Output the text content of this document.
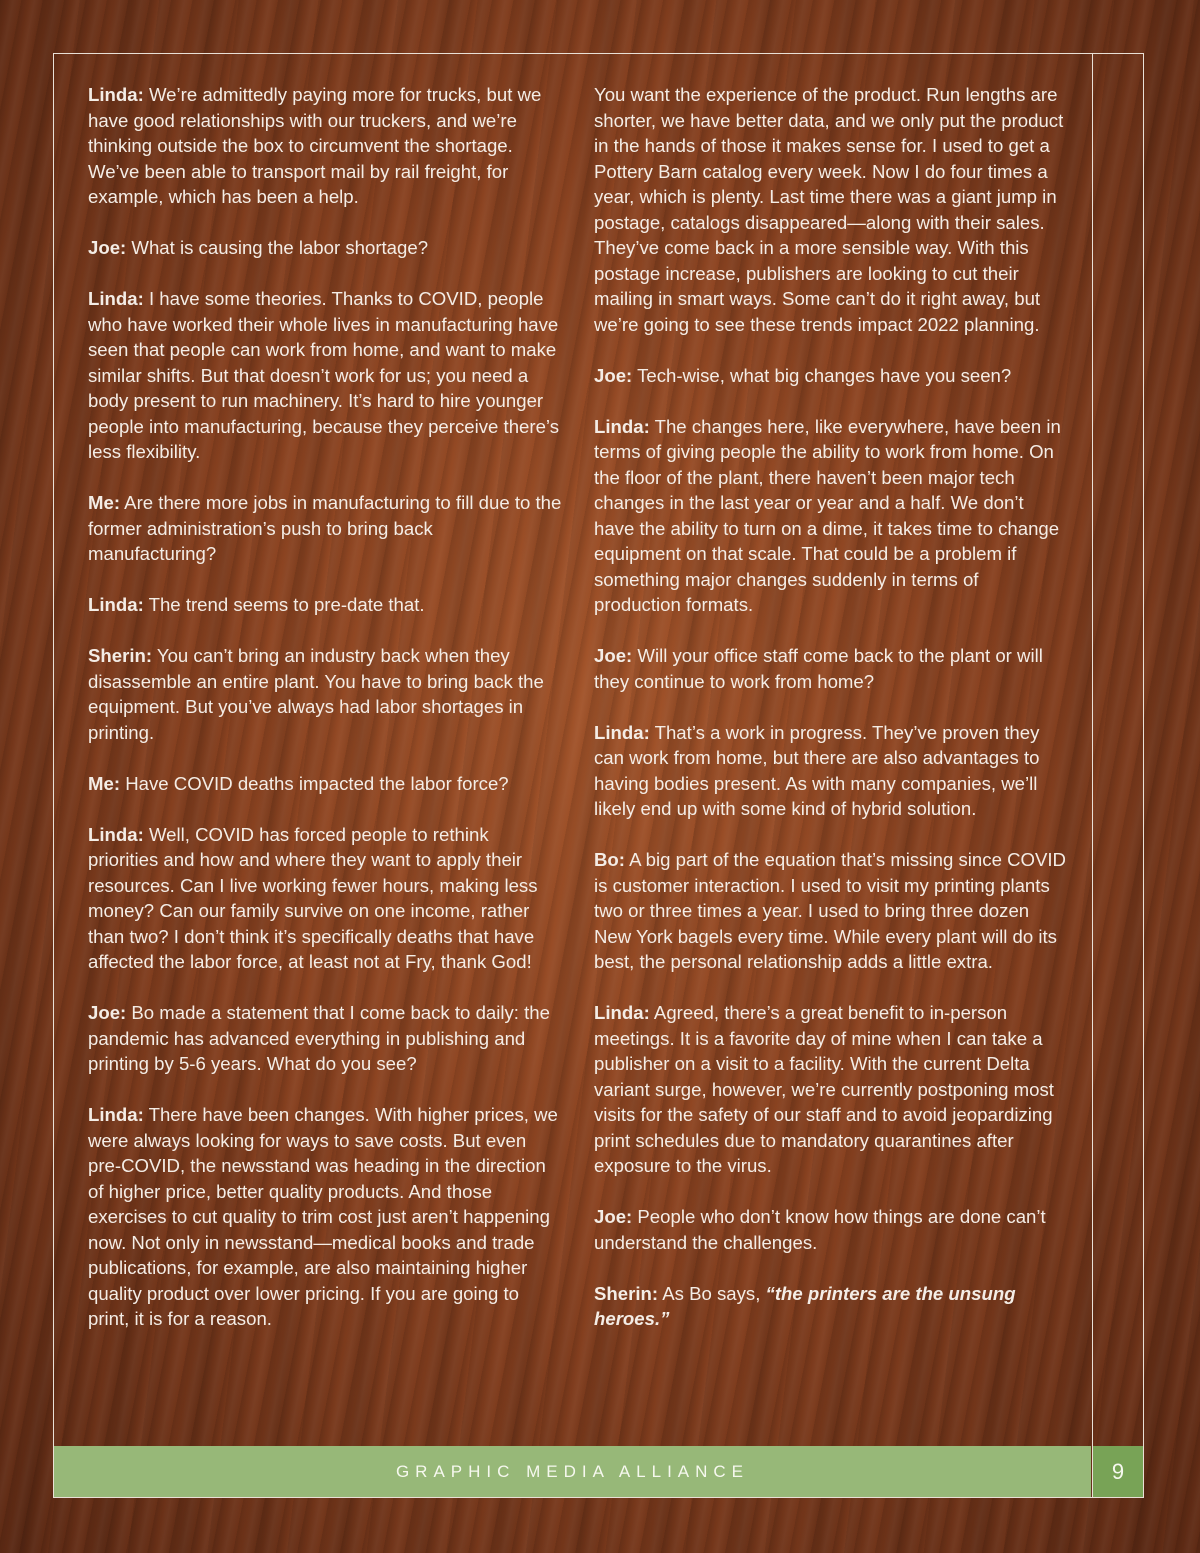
Linda: We’re admittedly paying more for trucks, but we have good relationships with our truckers, and we’re thinking outside the box to circumvent the shortage. We’ve been able to transport mail by rail freight, for example, which has been a help.

Joe: What is causing the labor shortage?

Linda: I have some theories. Thanks to COVID, people who have worked their whole lives in manufacturing have seen that people can work from home, and want to make similar shifts. But that doesn’t work for us; you need a body present to run machinery. It’s hard to hire younger people into manufacturing, because they perceive there’s less flexibility.

Me: Are there more jobs in manufacturing to fill due to the former administration’s push to bring back manufacturing?

Linda: The trend seems to pre-date that.

Sherin: You can’t bring an industry back when they disassemble an entire plant. You have to bring back the equipment. But you’ve always had labor shortages in printing.

Me: Have COVID deaths impacted the labor force?

Linda: Well, COVID has forced people to rethink priorities and how and where they want to apply their resources. Can I live working fewer hours, making less money? Can our family survive on one income, rather than two? I don’t think it’s specifically deaths that have affected the labor force, at least not at Fry, thank God!

Joe: Bo made a statement that I come back to daily: the pandemic has advanced everything in publishing and printing by 5-6 years. What do you see?

Linda: There have been changes. With higher prices, we were always looking for ways to save costs. But even pre-COVID, the newsstand was heading in the direction of higher price, better quality products. And those exercises to cut quality to trim cost just aren’t happening now. Not only in newsstand—medical books and trade publications, for example, are also maintaining higher quality product over lower pricing. If you are going to print, it is for a reason.

You want the experience of the product. Run lengths are shorter, we have better data, and we only put the product in the hands of those it makes sense for. I used to get a Pottery Barn catalog every week. Now I do four times a year, which is plenty. Last time there was a giant jump in postage, catalogs disappeared—along with their sales. They’ve come back in a more sensible way. With this postage increase, publishers are looking to cut their mailing in smart ways. Some can’t do it right away, but we’re going to see these trends impact 2022 planning.

Joe: Tech-wise, what big changes have you seen?

Linda: The changes here, like everywhere, have been in terms of giving people the ability to work from home. On the floor of the plant, there haven’t been major tech changes in the last year or year and a half. We don’t have the ability to turn on a dime, it takes time to change equipment on that scale. That could be a problem if something major changes suddenly in terms of production formats.

Joe: Will your office staff come back to the plant or will they continue to work from home?

Linda: That’s a work in progress. They’ve proven they can work from home, but there are also advantages to having bodies present. As with many companies, we’ll likely end up with some kind of hybrid solution.

Bo: A big part of the equation that’s missing since COVID is customer interaction. I used to visit my printing plants two or three times a year. I used to bring three dozen New York bagels every time. While every plant will do its best, the personal relationship adds a little extra.

Linda: Agreed, there’s a great benefit to in-person meetings. It is a favorite day of mine when I can take a publisher on a visit to a facility. With the current Delta variant surge, however, we’re currently postponing most visits for the safety of our staff and to avoid jeopardizing print schedules due to mandatory quarantines after exposure to the virus.

Joe: People who don’t know how things are done can’t understand the challenges.

Sherin: As Bo says, “the printers are the unsung heroes.”

GRAPHIC MEDIA ALLIANCE	9
